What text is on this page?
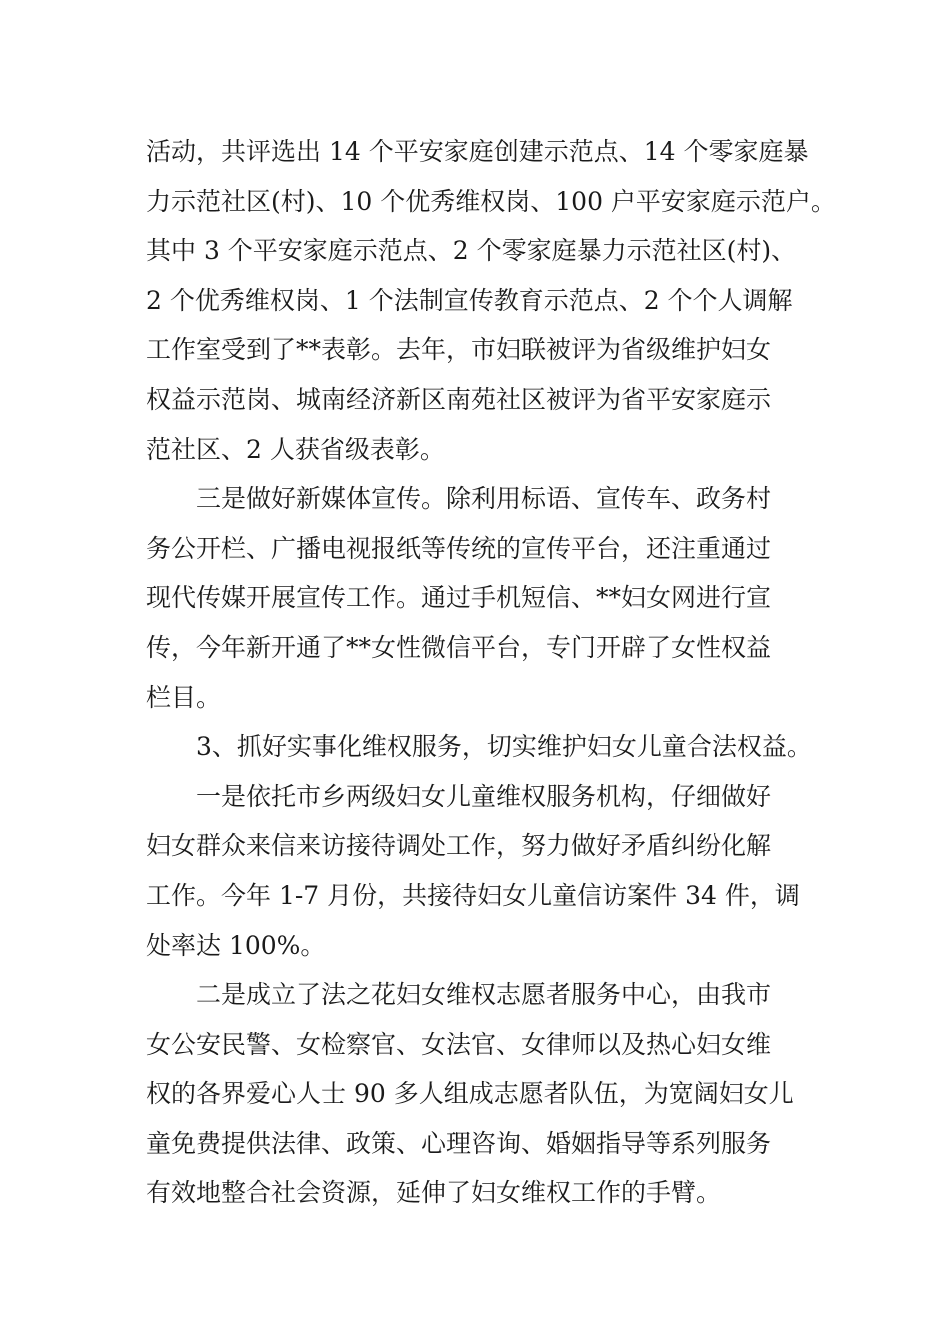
活动，共评选出 14 个平安家庭创建示范点、14 个零家庭暴
力示范社区(村)、10 个优秀维权岗、100 户平安家庭示范户。
其中 3 个平安家庭示范点、2 个零家庭暴力示范社区(村)、
2 个优秀维权岗、1 个法制宣传教育示范点、2 个个人调解
工作室受到了**表彰。去年，市妇联被评为省级维护妇女
权益示范岗、城南经济新区南苑社区被评为省平安家庭示
范社区、2 人获省级表彰。
三是做好新媒体宣传。除利用标语、宣传车、政务村
务公开栏、广播电视报纸等传统的宣传平台，还注重通过
现代传媒开展宣传工作。通过手机短信、**妇女网进行宣
传，今年新开通了**女性微信平台，专门开辟了女性权益
栏目。
3、抓好实事化维权服务，切实维护妇女儿童合法权益。
一是依托市乡两级妇女儿童维权服务机构，仔细做好
妇女群众来信来访接待调处工作，努力做好矛盾纠纷化解
工作。今年 1-7 月份，共接待妇女儿童信访案件 34 件，调
处率达 100%。
二是成立了法之花妇女维权志愿者服务中心，由我市
女公安民警、女检察官、女法官、女律师以及热心妇女维
权的各界爱心人士 90 多人组成志愿者队伍，为宽阔妇女儿
童免费提供法律、政策、心理咨询、婚姻指导等系列服务
有效地整合社会资源，延伸了妇女维权工作的手臂。
